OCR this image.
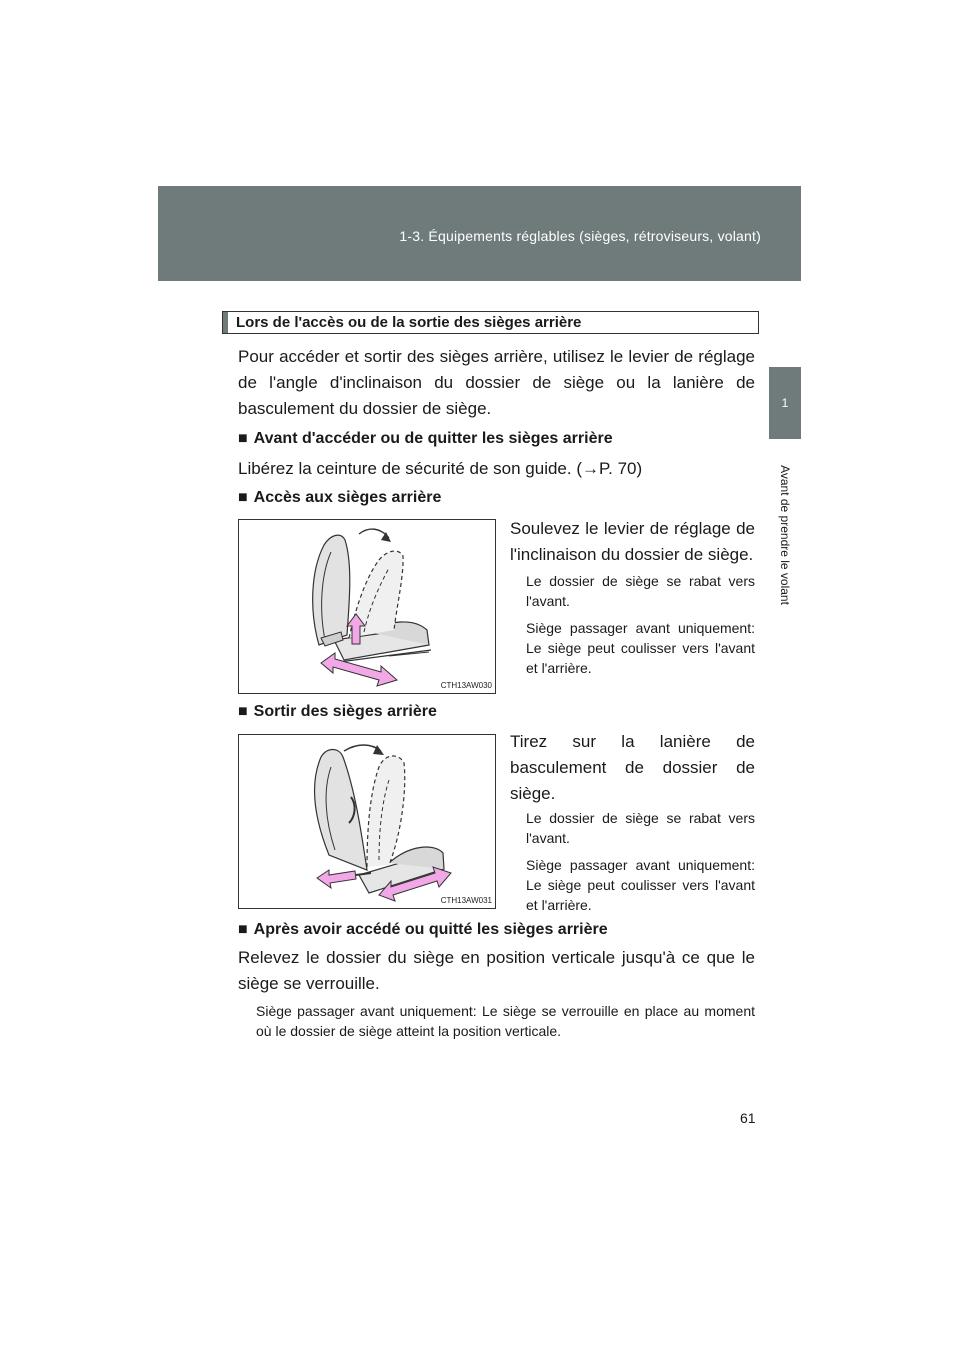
1-3. Équipements réglables (sièges, rétroviseurs, volant)
1
Avant de prendre le volant
Lors de l'accès ou de la sortie des sièges arrière
Pour accéder et sortir des sièges arrière, utilisez le levier de réglage de l'angle d'inclinaison du dossier de siège ou la lanière de basculement du dossier de siège.
■ Avant d'accéder ou de quitter les sièges arrière
Libérez la ceinture de sécurité de son guide. (→P. 70)
■ Accès aux sièges arrière
CTH13AW030
Soulevez le levier de réglage de l'inclinaison du dossier de siège.
Le dossier de siège se rabat vers l'avant.
Siège passager avant uniquement: Le siège peut coulisser vers l'avant et l'arrière.
■ Sortir des sièges arrière
CTH13AW031
Tirez sur la lanière de basculement de dossier de siège.
Le dossier de siège se rabat vers l'avant.
Siège passager avant uniquement: Le siège peut coulisser vers l'avant et l'arrière.
■ Après avoir accédé ou quitté les sièges arrière
Relevez le dossier du siège en position verticale jusqu'à ce que le siège se verrouille.
Siège passager avant uniquement: Le siège se verrouille en place au moment où le dossier de siège atteint la position verticale.
61
